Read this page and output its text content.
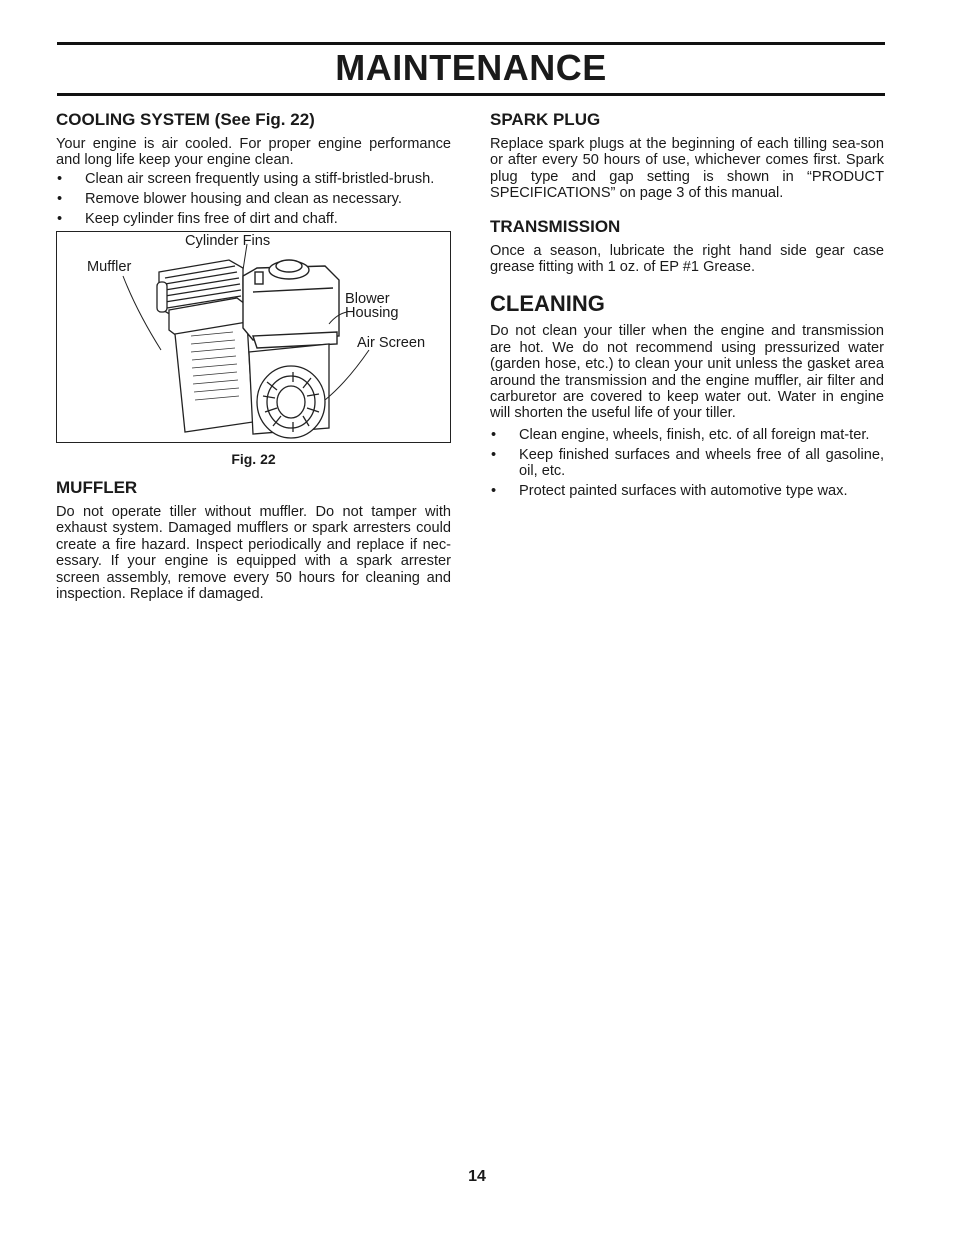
MAINTENANCE
COOLING SYSTEM (See Fig. 22)

Your engine is air cooled. For proper engine performance and long life keep your engine clean.

• Clean air screen frequently using a stiff-bristled-brush.
• Remove blower housing and clean as necessary.
• Keep cylinder fins free of dirt and chaff.
Cylinder Fins
Muffler
Blower
Housing
Air Screen
Fig. 22
MUFFLER

Do not operate tiller without muffler. Do not tamper with exhaust system. Damaged mufflers or spark arresters could create a fire hazard. Inspect periodically and replace if nec-essary. If your engine is equipped with a spark arrester screen assembly, remove every 50 hours for cleaning and inspection. Replace if damaged.

SPARK PLUG

Replace spark plugs at the beginning of each tilling sea-son or after every 50 hours of use, whichever comes first. Spark plug type and gap setting is shown in “PRODUCT SPECIFICATIONS” on page 3 of this manual.

TRANSMISSION

Once a season, lubricate the right hand side gear case grease fitting with 1 oz. of EP #1 Grease.

CLEANING

Do not clean your tiller when the engine and transmission are hot. We do not recommend using pressurized water (garden hose, etc.) to clean your unit unless the gasket area around the transmission and the engine muffler, air filter and carburetor are covered to keep water out. Water in engine will shorten the useful life of your tiller.

• Clean engine, wheels, finish, etc. of all foreign mat-ter.
• Keep finished surfaces and wheels free of all gasoline, oil, etc.
• Protect painted surfaces with automotive type wax.
14
